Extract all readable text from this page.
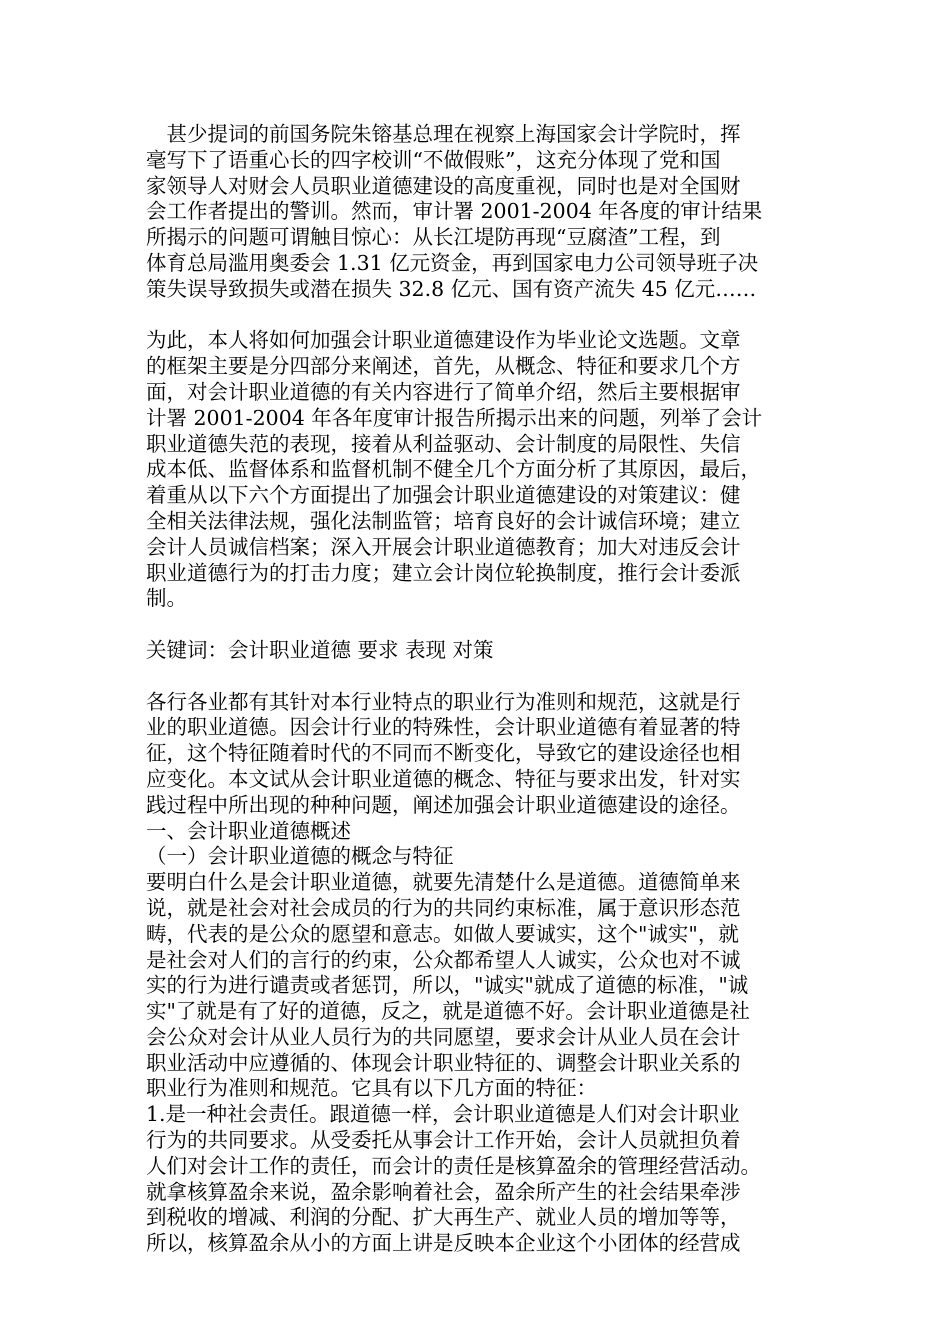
　甚少提词的前国务院朱镕基总理在视察上海国家会计学院时，挥
毫写下了语重心长的四字校训“不做假账”，这充分体现了党和国
家领导人对财会人员职业道德建设的高度重视，同时也是对全国财
会工作者提出的警训。然而，审计署 2001-2004 年各度的审计结果
所揭示的问题可谓触目惊心：从长江堤防再现“豆腐渣”工程，到
体育总局滥用奥委会 1.31 亿元资金，再到国家电力公司领导班子决
策失误导致损失或潜在损失 32.8 亿元、国有资产流失 45 亿元……
为此，本人将如何加强会计职业道德建设作为毕业论文选题。文章
的框架主要是分四部分来阐述，首先，从概念、特征和要求几个方
面，对会计职业道德的有关内容进行了简单介绍，然后主要根据审
计署 2001-2004 年各年度审计报告所揭示出来的问题，列举了会计
职业道德失范的表现，接着从利益驱动、会计制度的局限性、失信
成本低、监督体系和监督机制不健全几个方面分析了其原因，最后，
着重从以下六个方面提出了加强会计职业道德建设的对策建议：健
全相关法律法规，强化法制监管；培育良好的会计诚信环境；建立
会计人员诚信档案；深入开展会计职业道德教育；加大对违反会计
职业道德行为的打击力度；建立会计岗位轮换制度，推行会计委派
制。
关键词：会计职业道德 要求 表现 对策
各行各业都有其针对本行业特点的职业行为准则和规范，这就是行
业的职业道德。因会计行业的特殊性，会计职业道德有着显著的特
征，这个特征随着时代的不同而不断变化，导致它的建设途径也相
应变化。本文试从会计职业道德的概念、特征与要求出发，针对实
践过程中所出现的种种问题，阐述加强会计职业道德建设的途径。
一、会计职业道德概述
（一）会计职业道德的概念与特征
要明白什么是会计职业道德，就要先清楚什么是道德。道德简单来
说，就是社会对社会成员的行为的共同约束标准，属于意识形态范
畴，代表的是公众的愿望和意志。如做人要诚实，这个"诚实"，就
是社会对人们的言行的约束，公众都希望人人诚实，公众也对不诚
实的行为进行谴责或者惩罚，所以，"诚实"就成了道德的标准，"诚
实"了就是有了好的道德，反之，就是道德不好。会计职业道德是社
会公众对会计从业人员行为的共同愿望，要求会计从业人员在会计
职业活动中应遵循的、体现会计职业特征的、调整会计职业关系的
职业行为准则和规范。它具有以下几方面的特征：
1.是一种社会责任。跟道德一样，会计职业道德是人们对会计职业
行为的共同要求。从受委托从事会计工作开始，会计人员就担负着
人们对会计工作的责任，而会计的责任是核算盈余的管理经营活动。
就拿核算盈余来说，盈余影响着社会，盈余所产生的社会结果牵涉
到税收的增减、利润的分配、扩大再生产、就业人员的增加等等，
所以，核算盈余从小的方面上讲是反映本企业这个小团体的经营成
